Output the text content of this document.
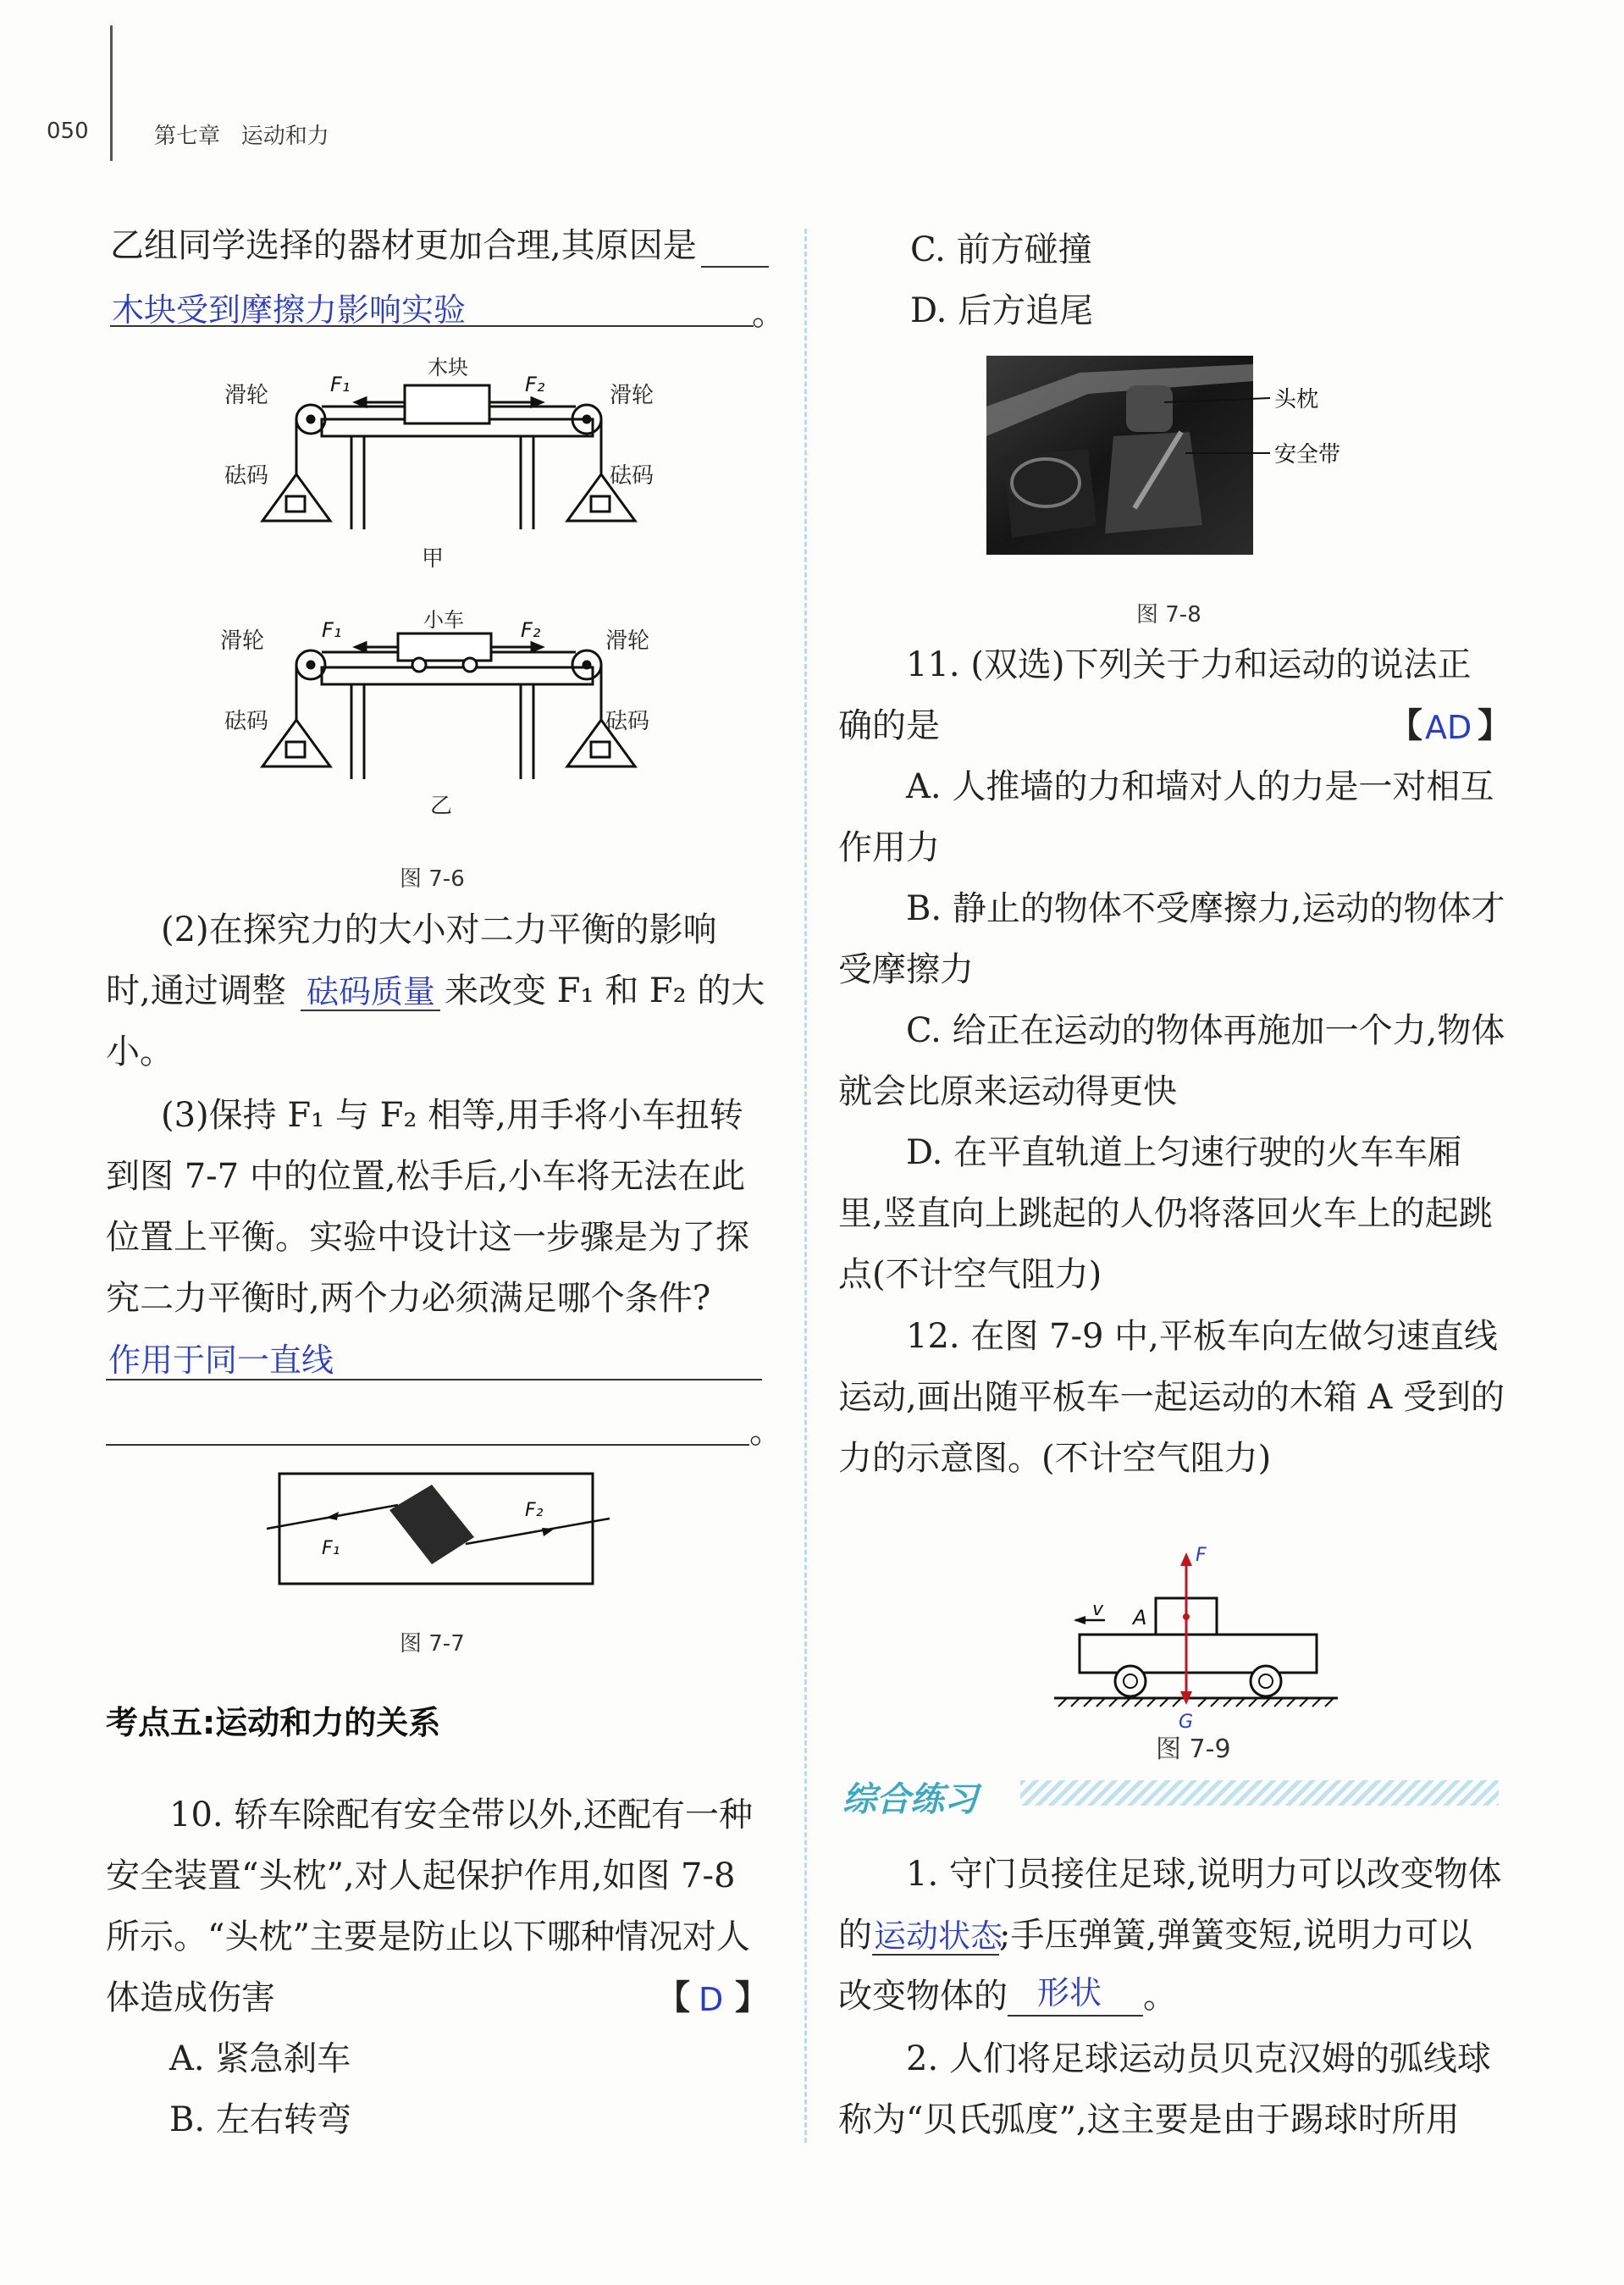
050	第七章   运动和力
乙组同学选择的器材更加合理,其原因是
木块受到摩擦力影响实验	。
滑轮	滑轮
木块
砝码	砝码
F₁	F₂
甲
滑轮	滑轮
小车
砝码	砝码
F₁	F₂
乙
图 7-6
(2)在探究力的大小对二力平衡的影响
时,通过调整 砝码质量 来改变 F₁ 和 F₂ 的大
小。
(3)保持 F₁ 与 F₂ 相等,用手将小车扭转
到图 7-7 中的位置,松手后,小车将无法在此
位置上平衡。实验中设计这一步骤是为了探
究二力平衡时,两个力必须满足哪个条件?
作用于同一直线
。
F₁
F₂
图 7-7
考点五:运动和力的关系
10. 轿车除配有安全带以外,还配有一种
安全装置“头枕”,对人起保护作用,如图 7-8
所示。“头枕”主要是防止以下哪种情况对人
体造成伤害	【 D 】
A. 紧急刹车
B. 左右转弯
C. 前方碰撞
D. 后方追尾
头枕
安全带
图 7-8
11. (双选)下列关于力和运动的说法正
确的是	【 AD 】
A. 人推墙的力和墙对人的力是一对相互
作用力
B. 静止的物体不受摩擦力,运动的物体才
受摩擦力
C. 给正在运动的物体再施加一个力,物体
就会比原来运动得更快
D. 在平直轨道上匀速行驶的火车车厢
里,竖直向上跳起的人仍将落回火车上的起跳
点(不计空气阻力)
12. 在图 7-9 中,平板车向左做匀速直线
运动,画出随平板车一起运动的木箱 A 受到的
力的示意图。(不计空气阻力)
F
G
v A
图 7-9
综合练习
1. 守门员接住足球,说明力可以改变物体
的 运动状态
;手压弹簧,弹簧变短,说明力可以
改变物体的 形状 。
2. 人们将足球运动员贝克汉姆的弧线球
称为“贝氏弧度”,这主要是由于踢球时所用
